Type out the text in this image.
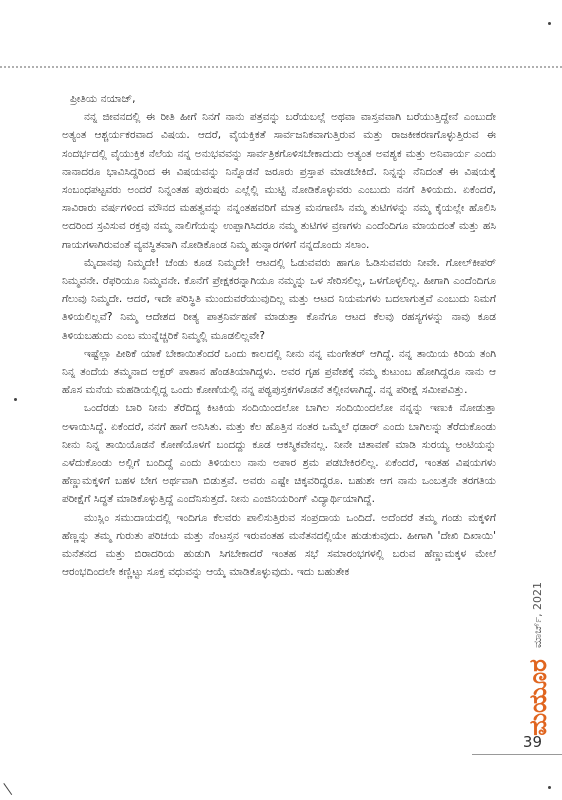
ಪ್ರೀತಿಯ ನಯಾಜ್,

ನನ್ನ ಜೀವನದಲ್ಲಿ ಈ ರೀತಿ ಹೀಗೆ ನಿನಗೆ ನಾನು ಪತ್ರವನ್ನು ಬರೆಯಬಲ್ಲೆ ಅಥವಾ ವಾಸ್ತವವಾಗಿ ಬರೆಯುತ್ತಿದ್ದೇನೆ ಎಂಬುದೇ ಅತ್ಯಂತ ಆಶ್ಚರ್ಯಕರವಾದ ವಿಷಯ. ಆದರೆ, ವೈಯಕ್ತಿಕತೆ ಸಾರ್ವಜನಿಕವಾಗುತ್ತಿರುವ ಮತ್ತು ರಾಜಕೀಕರಣಗೊಳ್ಳುತ್ತಿರುವ ಈ ಸಂದರ್ಭದಲ್ಲಿ ವೈಯುಕ್ತಿಕ ನೆಲೆಯ ನನ್ನ ಅನುಭವವನ್ನು ಸಾರ್ವತ್ರಿಕಗೊಳಿಸಬೇಕಾದುದು ಅತ್ಯಂತ ಅವಶ್ಯಕ ಮತ್ತು ಅನಿವಾರ್ಯ ಎಂದು ನಾನಾದರೂ ಭಾವಿಸಿದ್ದರಿಂದ ಈ ವಿಷಯವನ್ನು ನಿನ್ನೊಡನೆ ಜರೂರು ಪ್ರಸ್ತಾಪ ಮಾಡಬೇಕಿದೆ. ನಿನ್ನನ್ನು ನೆನಿದಂತೆ ಈ ವಿಷಯಕ್ಕೆ ಸಂಬಂಧಪಟ್ಟವರು ಅಂದರೆ ನಿನ್ನಂತಹ ಪುರುಷರು ಎಲ್ಲೆಲ್ಲಿ ಮುಟ್ಟಿ ನೋಡಿಕೊಳ್ಳುವರು ಎಂಬುದು ನನಗೆ ತಿಳಿಯದು. ಏಕೆಂದರೆ, ಸಾವಿರಾರು ವರ್ಷಗಳಿಂದ ಮೌನದ ಮಹತ್ವವನ್ನು ನನ್ನಂತಹವರಿಗೆ ಮಾತ್ರ ಮನಗಾಣಿಸಿ ನಮ್ಮ ತುಟಿಗಳನ್ನು ನಮ್ಮ ಕೈಯಲ್ಲೇ ಹೊಲಿಸಿ ಅದರಿಂದ ಸ್ರವಿಸುವ ರಕ್ತವು ನಮ್ಮ ನಾಲಿಗೆಯನ್ನು ಉಪ್ಪಾಗಿಸಿದರೂ ನಮ್ಮ ತುಟಿಗಳ ವ್ರಣಗಳು ಎಂದೆಂದಿಗೂ ಮಾಯದಂತೆ ಮತ್ತು ಹಸಿ ಗಾಯಗಳಾಗಿರುವಂತೆ ವ್ಯವಸ್ಥಿತವಾಗಿ ನೋಡಿಕೊಂಡ ನಿಮ್ಮ ಹುನ್ನಾರಗಳಿಗೆ ನನ್ನದೊಂದು ಸಲಾಂ.

ಮೈದಾನವು ನಿಮ್ಮದೇ! ಚೆಂಡು ಕೂಡ ನಿಮ್ಮದೇ! ಆಟದಲ್ಲಿ ಓಡುವವರು ಹಾಗೂ ಓಡಿಸುವವರು ನೀವೇ. ಗೋಲ್‌ಕೀಪರ್ ನಿಮ್ಮವನೇ. ರೆಫರಿಯೂ ನಿಮ್ಮವನೇ. ಕೊನೆಗೆ ಪ್ರೇಕ್ಷಕರನ್ನಾಗಿಯೂ ನಮ್ಮನ್ನು ಒಳ ಸೇರಿಸಲಿಲ್ಲ, ಒಳಗೊಳ್ಳಲಿಲ್ಲ. ಹೀಗಾಗಿ ಎಂದೆಂದಿಗೂ ಗೆಲುವು ನಿಮ್ಮದೇ. ಆದರೆ, ಇದೇ ಪರಿಸ್ಥಿತಿ ಮುಂದುವರೆಯುವುದಿಲ್ಲ ಮತ್ತು ಆಟದ ನಿಯಮಗಳು ಬದಲಾಗುತ್ತವೆ ಎಂಬುದು ನಿಮಗೆ ತಿಳಿಯಲಿಲ್ಲವೆ? ನಿಮ್ಮ ಆದೇಶದ ರೀತ್ಯ ಪಾತ್ರನಿರ್ವಹಣೆ ಮಾಡುತ್ತಾ ಕೊನೆಗೂ ಆಟದ ಕೆಲವು ರಹಸ್ಯಗಳನ್ನು ನಾವು ಕೂಡ ತಿಳಿಯಬಹುದು ಎಂಬ ಮುನ್ನೆಚ್ಚರಿಕೆ ನಿಮ್ಮಲ್ಲಿ ಮೂಡಲಿಲ್ಲವೇ?

ಇಷ್ಟೆಲ್ಲಾ ಪೀಠಿಕೆ ಯಾಕೆ ಬೇಕಾಯಿತೆಂದರೆ ಒಂದು ಕಾಲದಲ್ಲಿ ನೀನು ನನ್ನ ಮಂಗೇತರ್ ಆಗಿದ್ದೆ. ನನ್ನ ತಾಯಿಯ ಕಿರಿಯ ತಂಗಿ ನಿನ್ನ ತಂದೆಯ ತಮ್ಮನಾದ ಅಕ್ಬರ್ ಪಾಶಾನ ಹೆಂಡತಿಯಾಗಿದ್ದಳು. ಅವರ ಗೃಹ ಪ್ರವೇಶಕ್ಕೆ ನಮ್ಮ ಕುಟುಂಬ ಹೋಗಿದ್ದರೂ ನಾನು ಆ ಹೊಸ ಮನೆಯ ಮಹಡಿಯಲ್ಲಿದ್ದ ಒಂದು ಕೋಣೆಯಲ್ಲಿ ನನ್ನ ಪಠ್ಯಪುಸ್ತಕಗಳೊಡನೆ ತಲ್ಲೀನಳಾಗಿದ್ದೆ. ನನ್ನ ಪರೀಕ್ಷೆ ಸಮೀಪವಿತ್ತು.

ಒಂದೆರಡು ಬಾರಿ ನೀನು ತೆರೆದಿದ್ದ ಕಿಟಕಿಯ ಸಂದಿಯಿಂದಲೋ ಬಾಗಿಲ ಸಂದಿಯಿಂದಲೋ ನನ್ನನ್ನು ಇಣುಕಿ ನೋಡುತ್ತಾ ಅಳಾಯಿಸಿದ್ದೆ. ಏಕೆಂದರೆ, ನನಗೆ ಹಾಗೆ ಅನಿಸಿತು. ಮತ್ತು ಕೆಲ ಹೊತ್ತಿನ ನಂತರ ಒಮ್ಮೆಲೆ ಧಡಾರ್ ಎಂದು ಬಾಗಿಲನ್ನು ತೆರೆದುಕೊಂಡು ನೀನು ನಿನ್ನ ತಾಯಿಯೊಡನೆ ಕೋಣೆಯೊಳಗೆ ಬಂದದ್ದು ಕೂಡ ಆಕಸ್ಮಿಕವೇನಲ್ಲ. ನೀನೇ ಚಿತಾವಣೆ ಮಾಡಿ ಸುರಯ್ಯ ಆಂಟಿಯನ್ನು ಎಳೆದುಕೊಂಡು ಅಲ್ಲಿಗೆ ಬಂದಿದ್ದೆ ಎಂದು ತಿಳಿಯಲು ನಾನು ಅಪಾರ ಶ್ರಮ ಪಡಬೇಕಿರಲಿಲ್ಲ. ಏಕೆಂದರೆ, ಇಂತಹ ವಿಷಯಗಳು ಹೆಣ್ಣುಮಕ್ಕಳಿಗೆ ಬಹಳ ಬೇಗ ಅರ್ಥವಾಗಿ ಬಿಡುತ್ತವೆ. ಅವರು ಎಷ್ಟೇ ಚಿಕ್ಕವರಿದ್ದರೂ. ಬಹುಶಃ ಆಗ ನಾನು ಒಂಬತ್ತನೇ ತರಗತಿಯ ಪರೀಕ್ಷೆಗೆ ಸಿದ್ಧತೆ ಮಾಡಿಕೊಳ್ಳುತ್ತಿದ್ದೆ ಎಂದೆನಿಸುತ್ತದೆ. ನೀನು ಎಂಜಿನಿಯರಿಂಗ್ ವಿದ್ಯಾರ್ಥಿಯಾಗಿದ್ದೆ.

ಮುಸ್ಲಿಂ ಸಮುದಾಯದಲ್ಲಿ ಇಂದಿಗೂ ಕೆಲವರು ಪಾಲಿಸುತ್ತಿರುವ ಸಂಪ್ರದಾಯ ಒಂದಿದೆ. ಅದೆಂದರೆ ತಮ್ಮ ಗಂಡು ಮಕ್ಕಳಿಗೆ ಹೆಣ್ಣನ್ನು ತಮ್ಮ ಗುರುತು ಪರಿಚಯ ಮತ್ತು ನೆಂಟಸ್ತನ ಇರುವಂತಹ ಮನೆತನದಲ್ಲಿಯೇ ಹುಡುಕುವುದು. ಹೀಗಾಗಿ 'ದೇಖಿ ದಿಖಾಯಿ' ಮನೆತನದ ಮತ್ತು ಬಿರಾದರಿಯ ಹುಡುಗಿ ಸಿಗಬೇಕಾದರೆ ಇಂತಹ ಸಭೆ ಸಮಾರಂಭಗಳಲ್ಲಿ ಬರುವ ಹೆಣ್ಣುಮಕ್ಕಳ ಮೇಲೆ ಆರಂಭದಿಂದಲೇ ಕಣ್ಣಿಟ್ಟು ಸೂಕ್ತ ವಧುವನ್ನು ಆಯ್ಕೆ ಮಾಡಿಕೊಳ್ಳುವುದು. ಇದು ಬಹುತೇಕ

ಮಾರ್ಚ್, 2021
ಮಯೂರ
39
